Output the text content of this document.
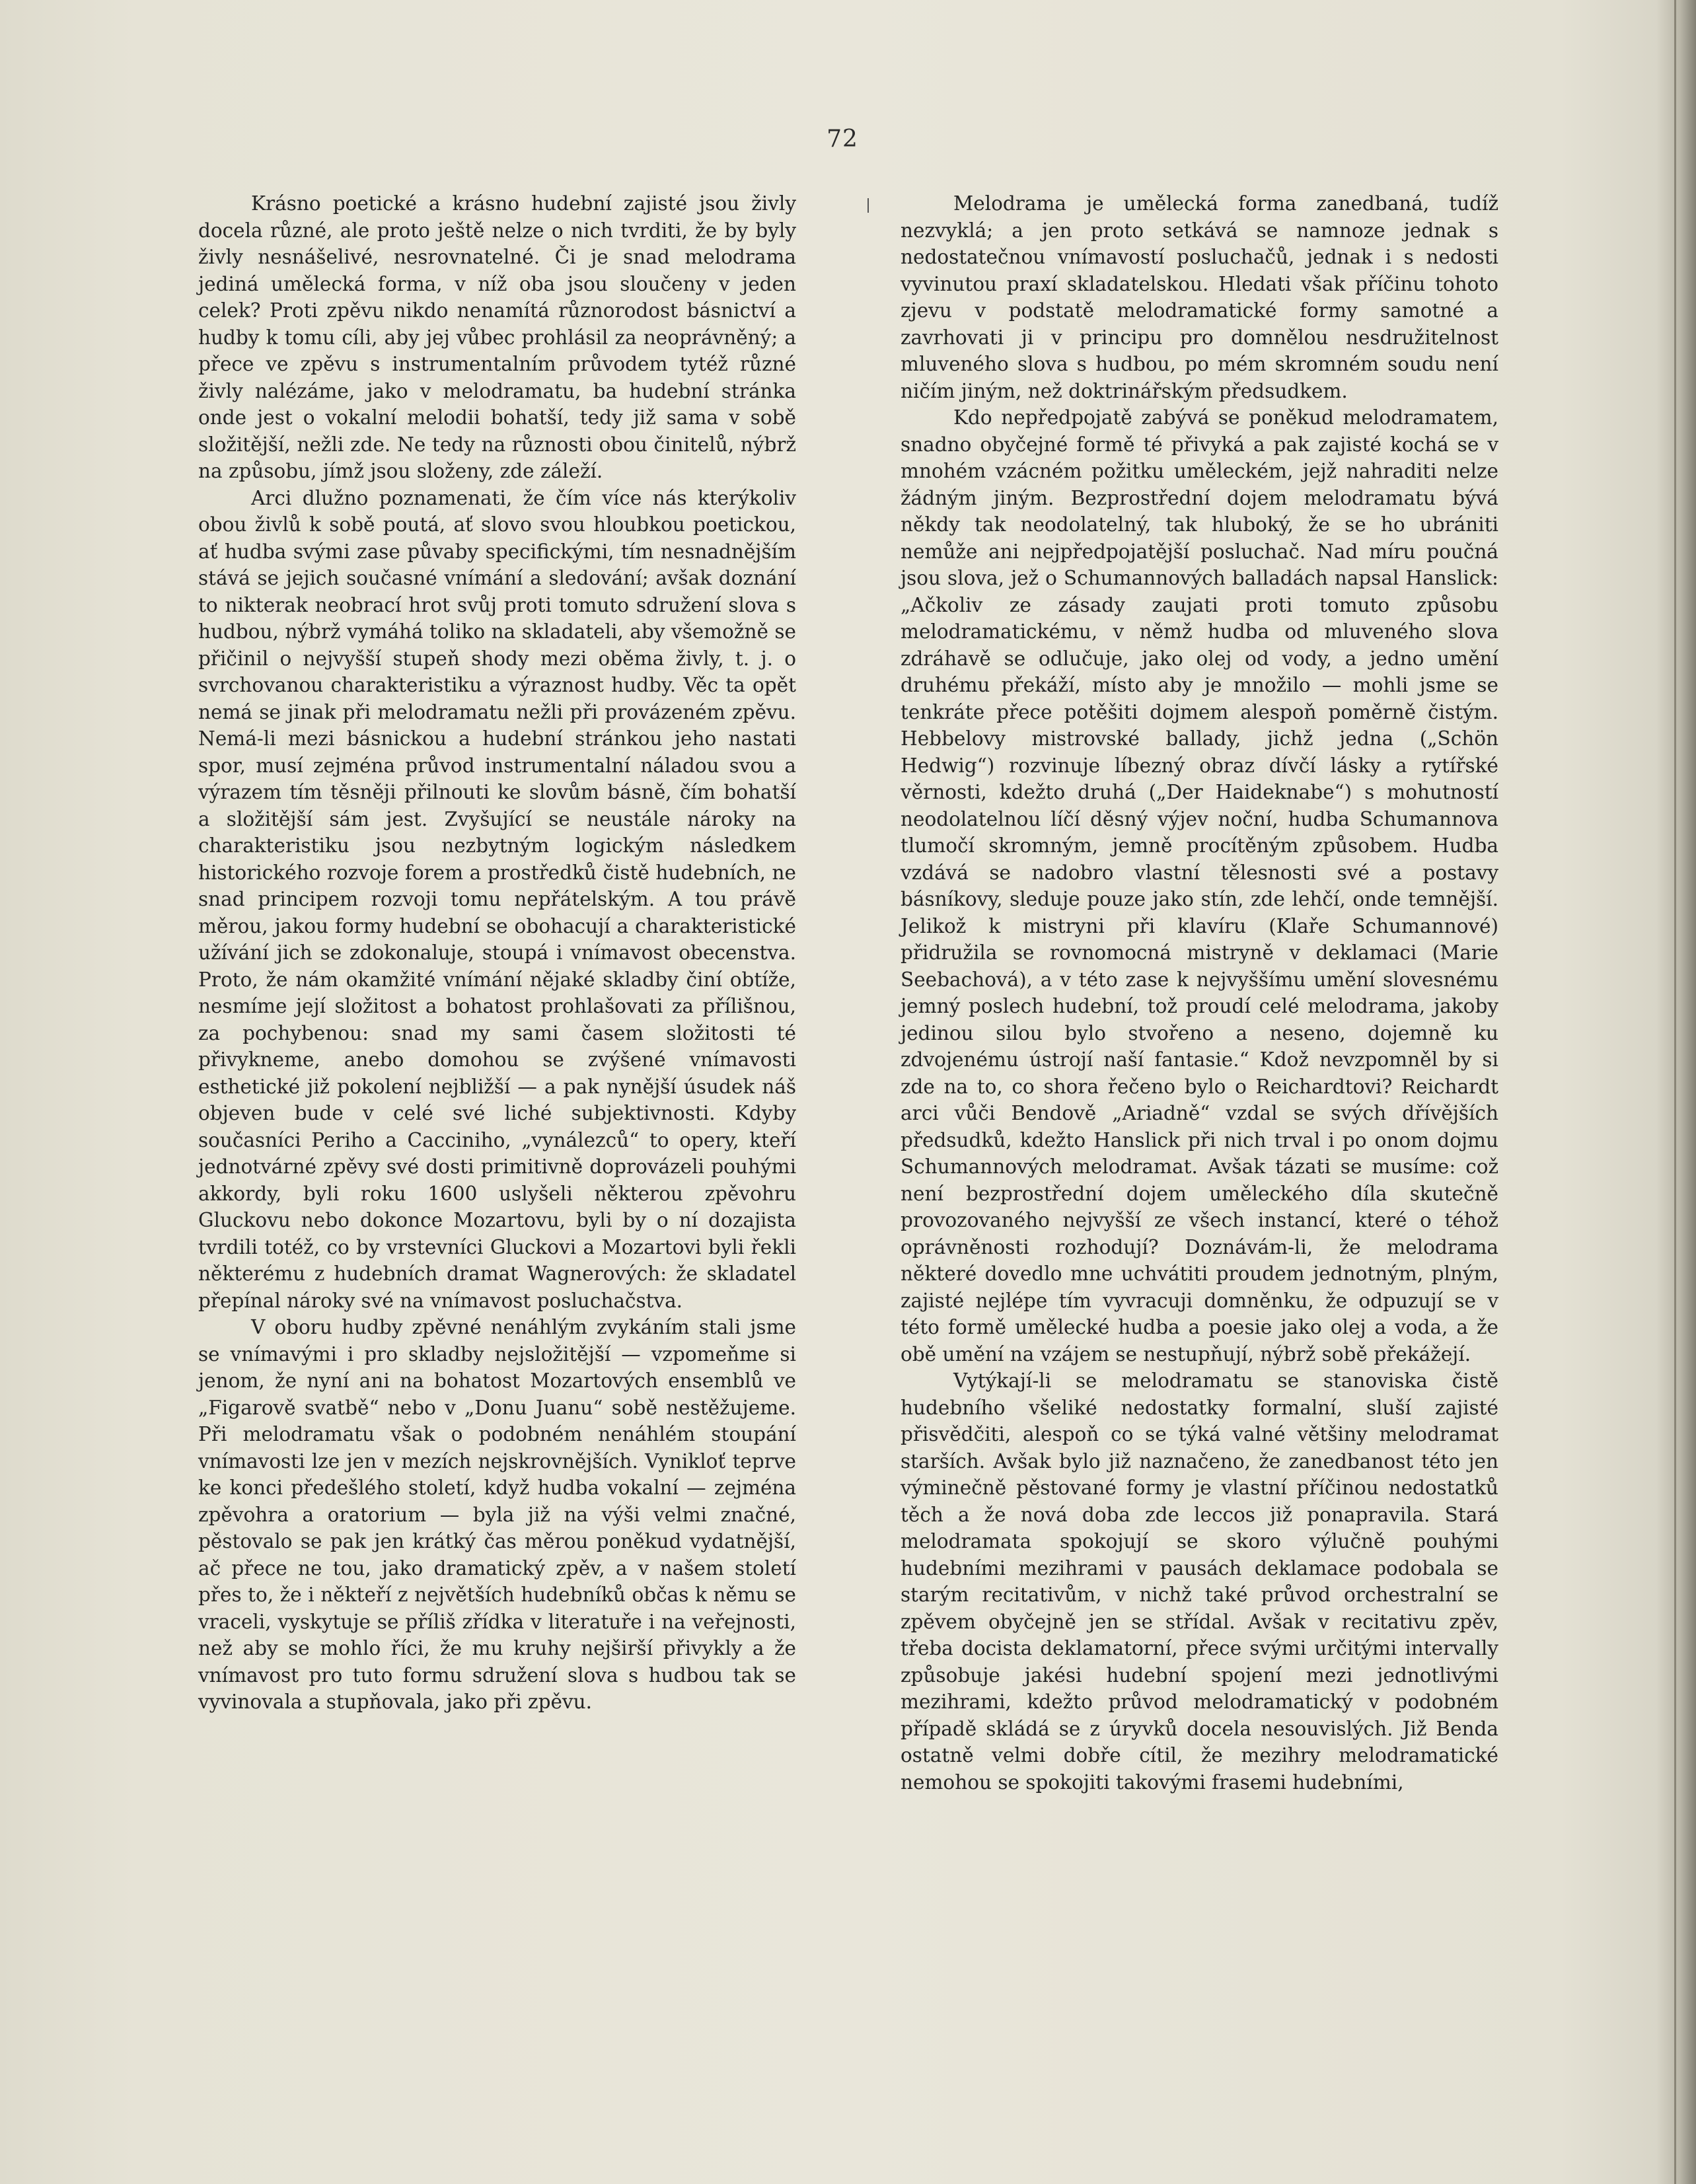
72

Krásno poetické a krásno hudební zajisté jsou živly docela různé, ale proto ještě nelze o nich tvrditi, že by byly živly nesnášelivé, nesrovnatelné. Či je snad melodrama jediná umělecká forma, v níž oba jsou sloučeny v jeden celek? Proti zpěvu nikdo nenamítá různorodost básnictví a hudby k tomu cíli, aby jej vůbec prohlásil za neoprávněný; a přece ve zpěvu s instrumentalním průvodem tytéž různé živly nalézáme, jako v melodramatu, ba hudební stránka onde jest o vokalní melodii bohatší, tedy již sama v sobě složitější, nežli zde. Ne tedy na různosti obou činitelů, nýbrž na způsobu, jímž jsou složeny, zde záleží.

Arci dlužno poznamenati, že čím více nás kterýkoliv obou živlů k sobě poutá, ať slovo svou hloubkou poetickou, ať hudba svými zase půvaby specifickými, tím nesnadnějším stává se jejich současné vnímání a sledování; avšak doznání to nikterak neobrací hrot svůj proti tomuto sdružení slova s hudbou, nýbrž vymáhá toliko na skladateli, aby všemožně se přičinil o nejvyšší stupeň shody mezi oběma živly, t. j. o svrchovanou charakteristiku a výraznost hudby. Věc ta opět nemá se jinak při melodramatu nežli při provázeném zpěvu. Nemá-li mezi básnickou a hudební stránkou jeho nastati spor, musí zejména průvod instrumentalní náladou svou a výrazem tím těsněji přilnouti ke slovům básně, čím bohatší a složitější sám jest. Zvyšující se neustále nároky na charakteristiku jsou nezbytným logickým následkem historického rozvoje forem a prostředků čistě hudebních, ne snad principem rozvoji tomu nepřátelským. A tou právě měrou, jakou formy hudební se obohacují a charakteristické užívání jich se zdokonaluje, stoupá i vnímavost obecenstva. Proto, že nám okamžité vnímání nějaké skladby činí obtíže, nesmíme její složitost a bohatost prohlašovati za přílišnou, za pochybenou: snad my sami časem složitosti té přivykneme, anebo domohou se zvýšené vnímavosti esthetické již pokolení nejbližší — a pak nynější úsudek náš objeven bude v celé své liché subjektivnosti. Kdyby současníci Periho a Cacciniho, „vynálezců“ to opery, kteří jednotvárné zpěvy své dosti primitivně doprovázeli pouhými akkordy, byli roku 1600 uslyšeli některou zpěvohru Gluckovu nebo dokonce Mozartovu, byli by o ní dozajista tvrdili totéž, co by vrstevníci Gluckovi a Mozartovi byli řekli některému z hudebních dramat Wagnerových: že skladatel přepínal nároky své na vnímavost posluchačstva.

V oboru hudby zpěvné nenáhlým zvykáním stali jsme se vnímavými i pro skladby nejsložitější — vzpomeňme si jenom, že nyní ani na bohatost Mozartových ensemblů ve „Figarově svatbě“ nebo v „Donu Juanu“ sobě nestěžujeme. Při melodramatu však o podobném nenáhlém stoupání vnímavosti lze jen v mezích nejskrovnějších. Vynikloť teprve ke konci předešlého století, když hudba vokalní — zejména zpěvohra a oratorium — byla již na výši velmi značné, pěstovalo se pak jen krátký čas měrou poněkud vydatnější, ač přece ne tou, jako dramatický zpěv, a v našem století přes to, že i někteří z největších hudebníků občas k němu se vraceli, vyskytuje se příliš zřídka v literatuře i na veřejnosti, než aby se mohlo říci, že mu kruhy nejširší přivykly a že vnímavost pro tuto formu sdružení slova s hudbou tak se vyvinovala a stupňovala, jako při zpěvu.

Melodrama je umělecká forma zanedbaná, tudíž nezvyklá; a jen proto setkává se namnoze jednak s nedostatečnou vnímavostí posluchačů, jednak i s nedosti vyvinutou praxí skladatelskou. Hledati však příčinu tohoto zjevu v podstatě melodramatické formy samotné a zavrhovati ji v principu pro domnělou nesdružitelnost mluveného slova s hudbou, po mém skromném soudu není ničím jiným, než doktrinářským předsudkem.

Kdo nepředpojatě zabývá se poněkud melodramatem, snadno obyčejné formě té přivyká a pak zajisté kochá se v mnohém vzácném požitku uměleckém, jejž nahraditi nelze žádným jiným. Bezprostřední dojem melodramatu bývá někdy tak neodolatelný, tak hluboký, že se ho ubrániti nemůže ani nejpředpojatější posluchač. Nad míru poučná jsou slova, jež o Schumannových balladách napsal Hanslick: „Ačkoliv ze zásady zaujati proti tomuto způsobu melodramatickému, v němž hudba od mluveného slova zdráhavě se odlučuje, jako olej od vody, a jedno umění druhému překáží, místo aby je množilo — mohli jsme se tenkráte přece potěšiti dojmem alespoň poměrně čistým. Hebbelovy mistrovské ballady, jichž jedna („Schön Hedwig“) rozvinuje líbezný obraz dívčí lásky a rytířské věrnosti, kdežto druhá („Der Haideknabe“) s mohutností neodolatelnou líčí děsný výjev noční, hudba Schumannova tlumočí skromným, jemně procítěným způsobem. Hudba vzdává se nadobro vlastní tělesnosti své a postavy básníkovy, sleduje pouze jako stín, zde lehčí, onde temnější. Jelikož k mistryni při klavíru (Klaře Schumannové) přidružila se rovnomocná mistryně v deklamaci (Marie Seebachová), a v této zase k nejvyššímu umění slovesnému jemný poslech hudební, tož proudí celé melodrama, jakoby jedinou silou bylo stvořeno a neseno, dojemně ku zdvojenému ústrojí naší fantasie.“ Kdož nevzpomněl by si zde na to, co shora řečeno bylo o Reichardtovi? Reichardt arci vůči Bendově „Ariadně“ vzdal se svých dřívějších předsudků, kdežto Hanslick při nich trval i po onom dojmu Schumannových melodramat. Avšak tázati se musíme: což není bezprostřední dojem uměleckého díla skutečně provozovaného nejvyšší ze všech instancí, které o téhož oprávněnosti rozhodují? Doznávám-li, že melodrama některé dovedlo mne uchvátiti proudem jednotným, plným, zajisté nejlépe tím vyvracuji domněnku, že odpuzují se v této formě umělecké hudba a poesie jako olej a voda, a že obě umění na vzájem se nestupňují, nýbrž sobě překážejí.

Vytýkají-li se melodramatu se stanoviska čistě hudebního všeliké nedostatky formalní, sluší zajisté přisvědčiti, alespoň co se týká valné většiny melodramat starších. Avšak bylo již naznačeno, že zanedbanost této jen výminečně pěstované formy je vlastní příčinou nedostatků těch a že nová doba zde leccos již ponapravila. Stará melodramata spokojují se skoro výlučně pouhými hudebními mezihrami v pausách deklamace podobala se starým recitativům, v nichž také průvod orchestralní se zpěvem obyčejně jen se střídal. Avšak v recitativu zpěv, třeba docista deklamatorní, přece svými určitými intervally způsobuje jakési hudební spojení mezi jednotlivými mezihrami, kdežto průvod melodramatický v podobném případě skládá se z úryvků docela nesouvislých. Již Benda ostatně velmi dobře cítil, že mezihry melodramatické nemohou se spokojiti takovými frasemi hudebními,
